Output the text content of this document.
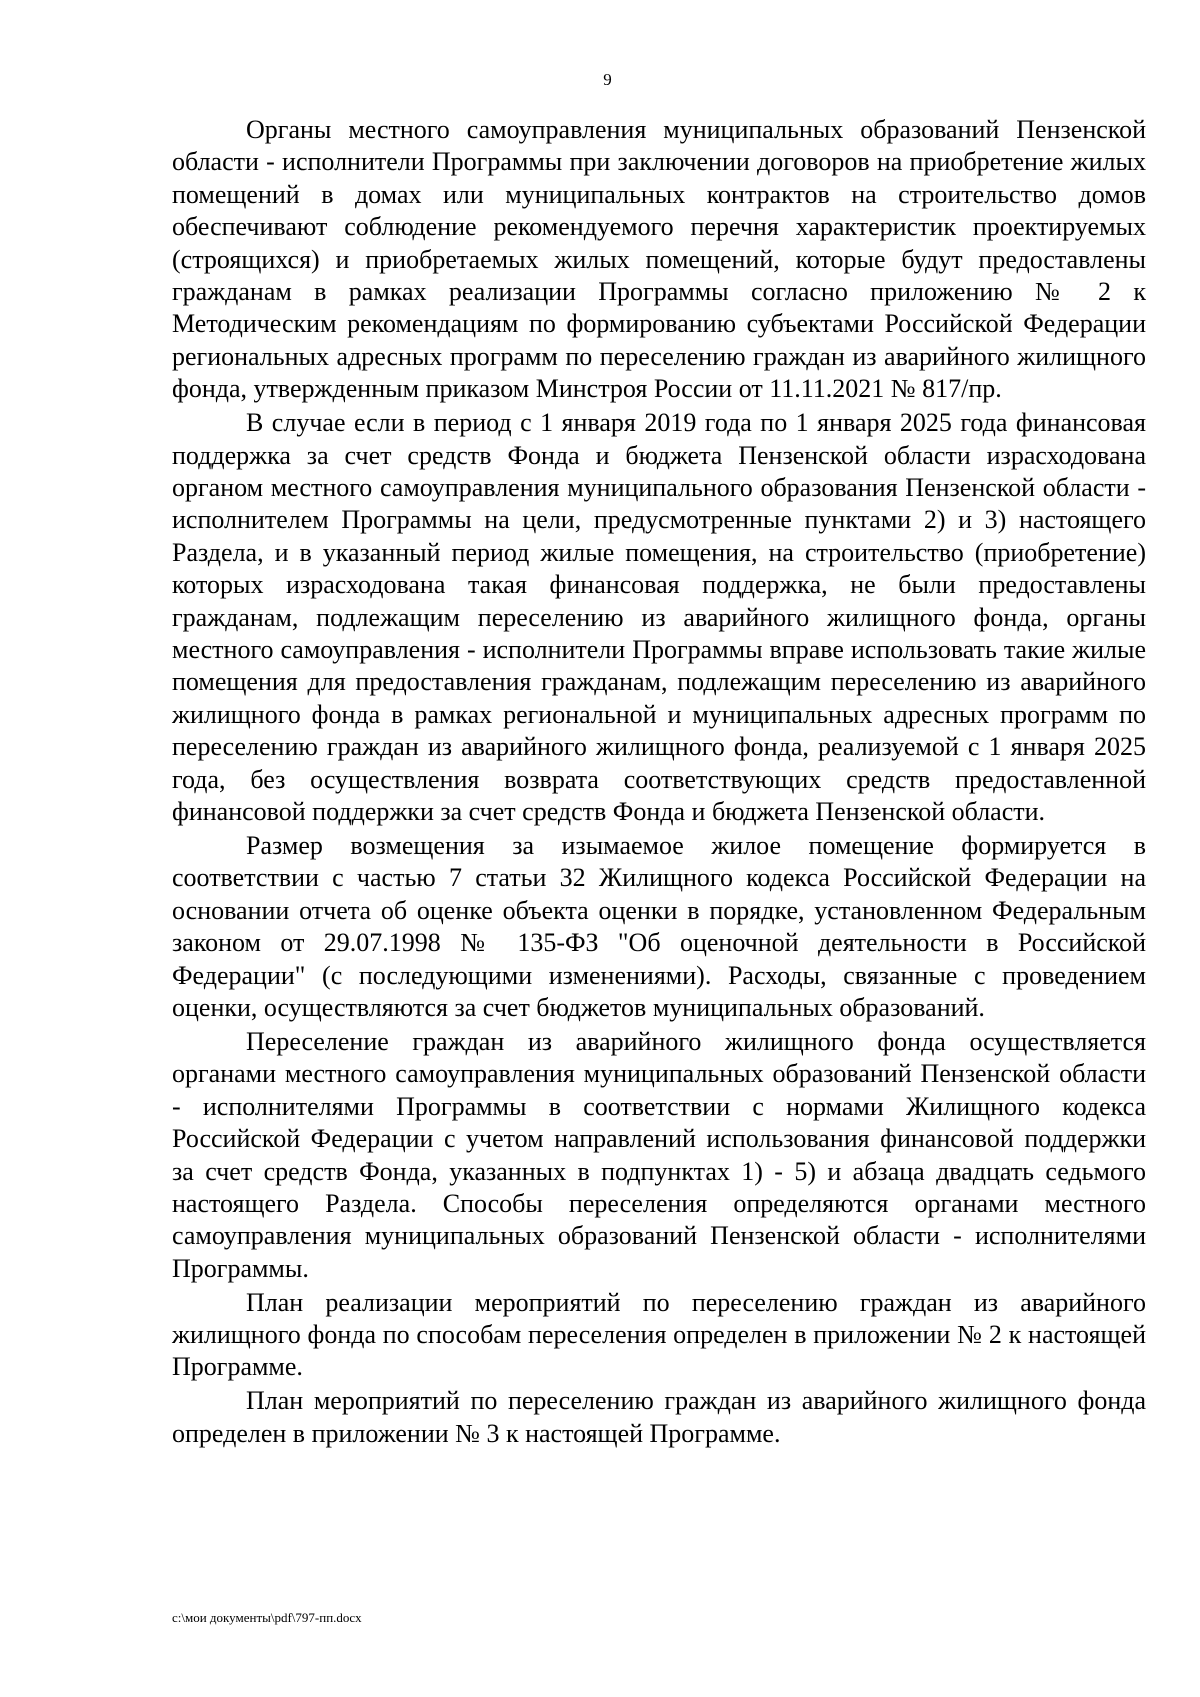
9

Органы местного самоуправления муниципальных образований Пензенской области - исполнители Программы при заключении договоров на приобретение жилых помещений в домах или муниципальных контрактов на строительство домов обеспечивают соблюдение рекомендуемого перечня характеристик проектируемых (строящихся) и приобретаемых жилых помещений, которые будут предоставлены гражданам в рамках реализации Программы согласно приложению № 2 к Методическим рекомендациям по формированию субъектами Российской Федерации региональных адресных программ по переселению граждан из аварийного жилищного фонда, утвержденным приказом Минстроя России от 11.11.2021 № 817/пр.

В случае если в период с 1 января 2019 года по 1 января 2025 года финансовая поддержка за счет средств Фонда и бюджета Пензенской области израсходована органом местного самоуправления муниципального образования Пензенской области - исполнителем Программы на цели, предусмотренные пунктами 2) и 3) настоящего Раздела, и в указанный период жилые помещения, на строительство (приобретение) которых израсходована такая финансовая поддержка, не были предоставлены гражданам, подлежащим переселению из аварийного жилищного фонда, органы местного самоуправления - исполнители Программы вправе использовать такие жилые помещения для предоставления гражданам, подлежащим переселению из аварийного жилищного фонда в рамках региональной и муниципальных адресных программ по переселению граждан из аварийного жилищного фонда, реализуемой с 1 января 2025 года, без осуществления возврата соответствующих средств предоставленной финансовой поддержки за счет средств Фонда и бюджета Пензенской области.

Размер возмещения за изымаемое жилое помещение формируется в соответствии с частью 7 статьи 32 Жилищного кодекса Российской Федерации на основании отчета об оценке объекта оценки в порядке, установленном Федеральным законом от 29.07.1998 № 135-ФЗ "Об оценочной деятельности в Российской Федерации" (с последующими изменениями). Расходы, связанные с проведением оценки, осуществляются за счет бюджетов муниципальных образований.

Переселение граждан из аварийного жилищного фонда осуществляется органами местного самоуправления муниципальных образований Пензенской области - исполнителями Программы в соответствии с нормами Жилищного кодекса Российской Федерации с учетом направлений использования финансовой поддержки за счет средств Фонда, указанных в подпунктах 1) - 5) и абзаца двадцать седьмого настоящего Раздела. Способы переселения определяются органами местного самоуправления муниципальных образований Пензенской области - исполнителями Программы.

План реализации мероприятий по переселению граждан из аварийного жилищного фонда по способам переселения определен в приложении № 2 к настоящей Программе.

План мероприятий по переселению граждан из аварийного жилищного фонда определен в приложении № 3 к настоящей Программе.

c:\мои документы\pdf\797-пп.docx
